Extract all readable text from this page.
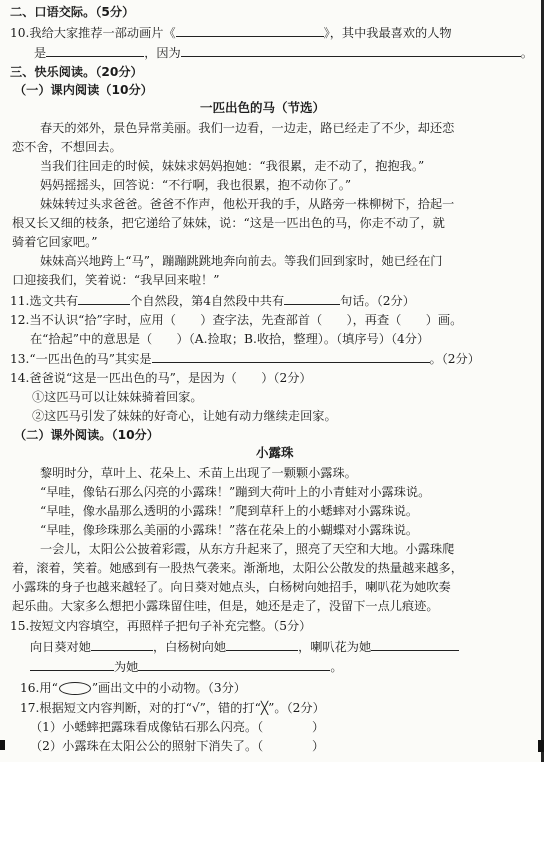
二、口语交际。（5分）
10.我给大家推荐一部动画片《	》，其中我最喜欢的人物
是	，因为	。
三、快乐阅读。（20分）
（一）课内阅读（10分）
一匹出色的马（节选）
春天的郊外，景色异常美丽。我们一边看，一边走，路已经走了不少，却还恋
恋不舍，不想回去。
当我们往回走的时候，妹妹求妈妈抱她：“我很累，走不动了，抱抱我。”
妈妈摇摇头，回答说：“不行啊，我也很累，抱不动你了。”
妹妹转过头求爸爸。爸爸不作声，他松开我的手，从路旁一株柳树下，拾起一
根又长又细的枝条，把它递给了妹妹，说：“这是一匹出色的马，你走不动了，就
骑着它回家吧。”
妹妹高兴地跨上“马”，蹦蹦跳跳地奔向前去。等我们回到家时，她已经在门
口迎接我们，笑着说：“我早回来啦！”
11.选文共有	个自然段，第4自然段中共有	句话。（2分）
12.当不认识“拾”字时，应用（　　）查字法，先查部首（　　），再查（　　）画。
在“拾起”中的意思是（　　）（A.捡取；B.收拾，整理）。（填序号）（4分）
13.“一匹出色的马”其实是	。（2分）
14.爸爸说“这是一匹出色的马”，是因为（　　）（2分）
①这匹马可以让妹妹骑着回家。
②这匹马引发了妹妹的好奇心，让她有动力继续走回家。
（二）课外阅读。（10分）
小露珠
黎明时分，草叶上、花朵上、禾苗上出现了一颗颗小露珠。
“早哇，像钻石那么闪亮的小露珠！”蹦到大荷叶上的小青蛙对小露珠说。
“早哇，像水晶那么透明的小露珠！”爬到草秆上的小蟋蟀对小露珠说。
“早哇，像珍珠那么美丽的小露珠！”落在花朵上的小蝴蝶对小露珠说。
一会儿，太阳公公披着彩霞，从东方升起来了，照亮了天空和大地。小露珠爬
着，滚着，笑着。她感到有一股热气袭来。渐渐地，太阳公公散发的热量越来越多，
小露珠的身子也越来越轻了。向日葵对她点头，白杨树向她招手，喇叭花为她吹奏
起乐曲。大家多么想把小露珠留住哇，但是，她还是走了，没留下一点儿痕迹。
15.按短文内容填空，再照样子把句子补充完整。（5分）
向日葵对她	，白杨树向她	，喇叭花为她
为她	。
16.用“	”画出文中的小动物。（3分）
17.根据短文内容判断，对的打“√”，错的打“╳”。（2分）
（1）小蟋蟀把露珠看成像钻石那么闪亮。（　　　　）
（2）小露珠在太阳公公的照射下消失了。（　　　　）
